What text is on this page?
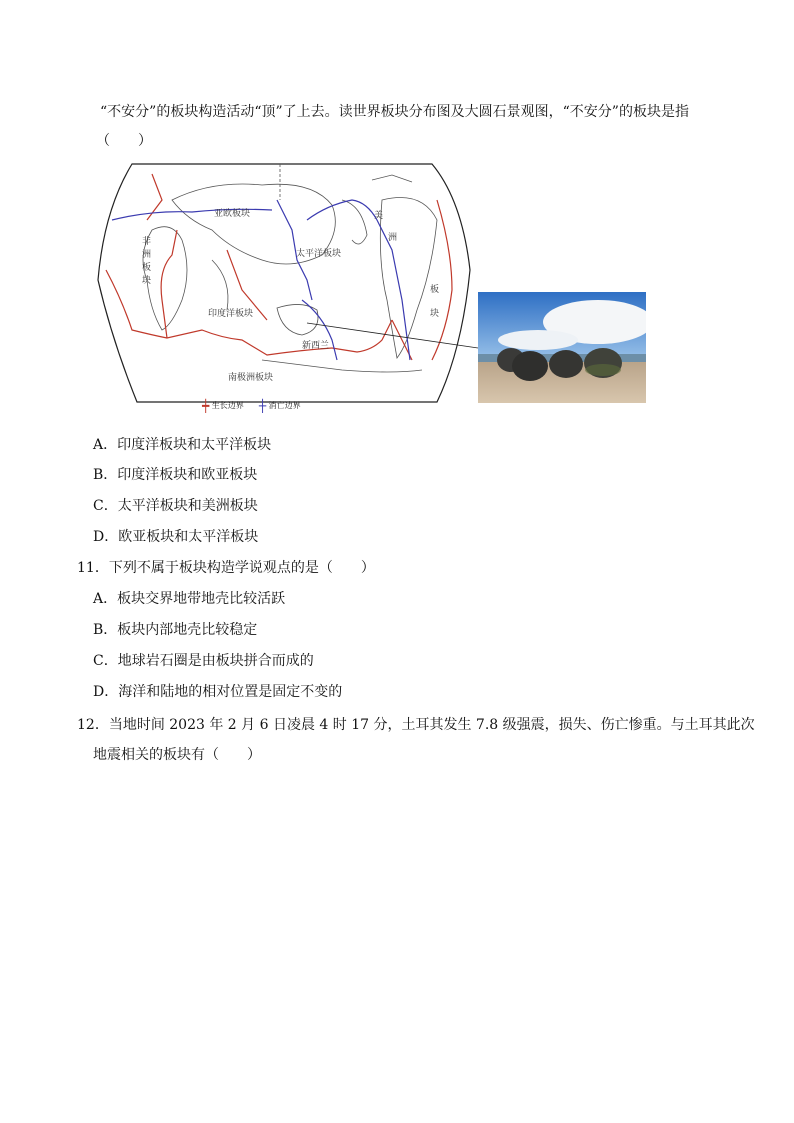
“不安分”的板块构造活动“顶”了上去。读世界板块分布图及大圆石景观图，“不安分”的板块是指
（　　）
亚欧板块
非
洲
板
块
太平洋板块
美
洲
板
块
印度洋板块
新西兰
南极洲板块
┿ 生长边界 ┼ 消亡边界
A．印度洋板块和太平洋板块
B．印度洋板块和欧亚板块
C．太平洋板块和美洲板块
D．欧亚板块和太平洋板块
11．下列不属于板块构造学说观点的是（　　）
A．板块交界地带地壳比较活跃
B．板块内部地壳比较稳定
C．地球岩石圈是由板块拼合而成的
D．海洋和陆地的相对位置是固定不变的
12．当地时间 2023 年 2 月 6 日凌晨 4 时 17 分，土耳其发生 7.8 级强震，损失、伤亡惨重。与土耳其此次
地震相关的板块有（　　）
